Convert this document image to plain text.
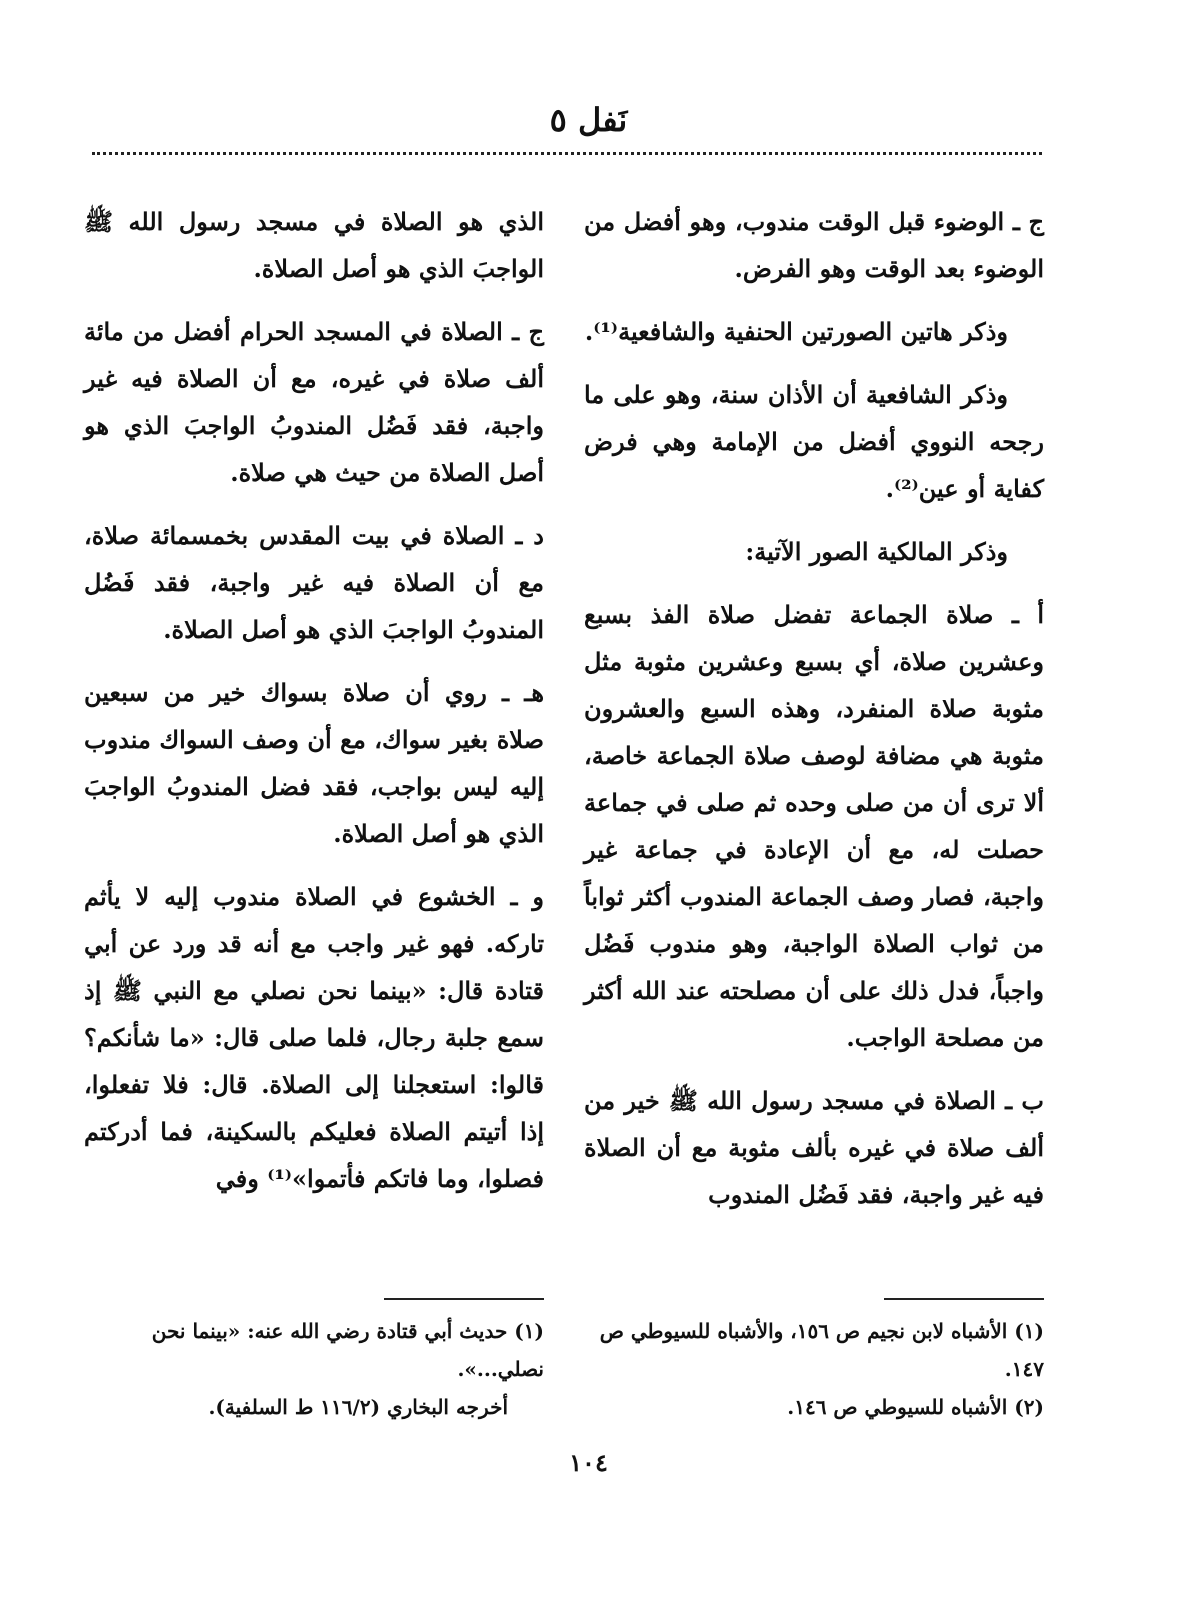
نَفل ٥

ج ـ الوضوء قبل الوقت مندوب، وهو أفضل من الوضوء بعد الوقت وهو الفرض.

وذكر هاتين الصورتين الحنفية والشافعية⁽¹⁾.

وذكر الشافعية أن الأذان سنة، وهو على ما رجحه النووي أفضل من الإمامة وهي فرض كفاية أو عين⁽²⁾.

وذكر المالكية الصور الآتية:

أ ـ صلاة الجماعة تفضل صلاة الفذ بسبع وعشرين صلاة، أي بسبع وعشرين مثوبة مثل مثوبة صلاة المنفرد، وهذه السبع والعشرون مثوبة هي مضافة لوصف صلاة الجماعة خاصة، ألا ترى أن من صلى وحده ثم صلى في جماعة حصلت له، مع أن الإعادة في جماعة غير واجبة، فصار وصف الجماعة المندوب أكثر ثواباً من ثواب الصلاة الواجبة، وهو مندوب فَضُل واجباً، فدل ذلك على أن مصلحته عند الله أكثر من مصلحة الواجب.

ب ـ الصلاة في مسجد رسول الله ﷺ خير من ألف صلاة في غيره بألف مثوبة مع أن الصلاة فيه غير واجبة، فقد فَضُل المندوب

الذي هو الصلاة في مسجد رسول الله ﷺ الواجبَ الذي هو أصل الصلاة.

ج ـ الصلاة في المسجد الحرام أفضل من مائة ألف صلاة في غيره، مع أن الصلاة فيه غير واجبة، فقد فَضُل المندوبُ الواجبَ الذي هو أصل الصلاة من حيث هي صلاة.

د ـ الصلاة في بيت المقدس بخمسمائة صلاة، مع أن الصلاة فيه غير واجبة، فقد فَضُل المندوبُ الواجبَ الذي هو أصل الصلاة.

هـ ـ روي أن صلاة بسواك خير من سبعين صلاة بغير سواك، مع أن وصف السواك مندوب إليه ليس بواجب، فقد فضل المندوبُ الواجبَ الذي هو أصل الصلاة.

و ـ الخشوع في الصلاة مندوب إليه لا يأثم تاركه. فهو غير واجب مع أنه قد ورد عن أبي قتادة قال: «بينما نحن نصلي مع النبي ﷺ إذ سمع جلبة رجال، فلما صلى قال: «ما شأنكم؟ قالوا: استعجلنا إلى الصلاة. قال: فلا تفعلوا، إذا أتيتم الصلاة فعليكم بالسكينة، فما أدركتم فصلوا، وما فاتكم فأتموا»⁽¹⁾ وفي

(١) الأشباه لابن نجيم ص ١٥٦، والأشباه للسيوطي ص ١٤٧.
(٢) الأشباه للسيوطي ص ١٤٦.
(١) حديث أبي قتادة رضي الله عنه: «بينما نحن نصلي...».
أخرجه البخاري (١١٦/٢ ط السلفية).
١٠٤
